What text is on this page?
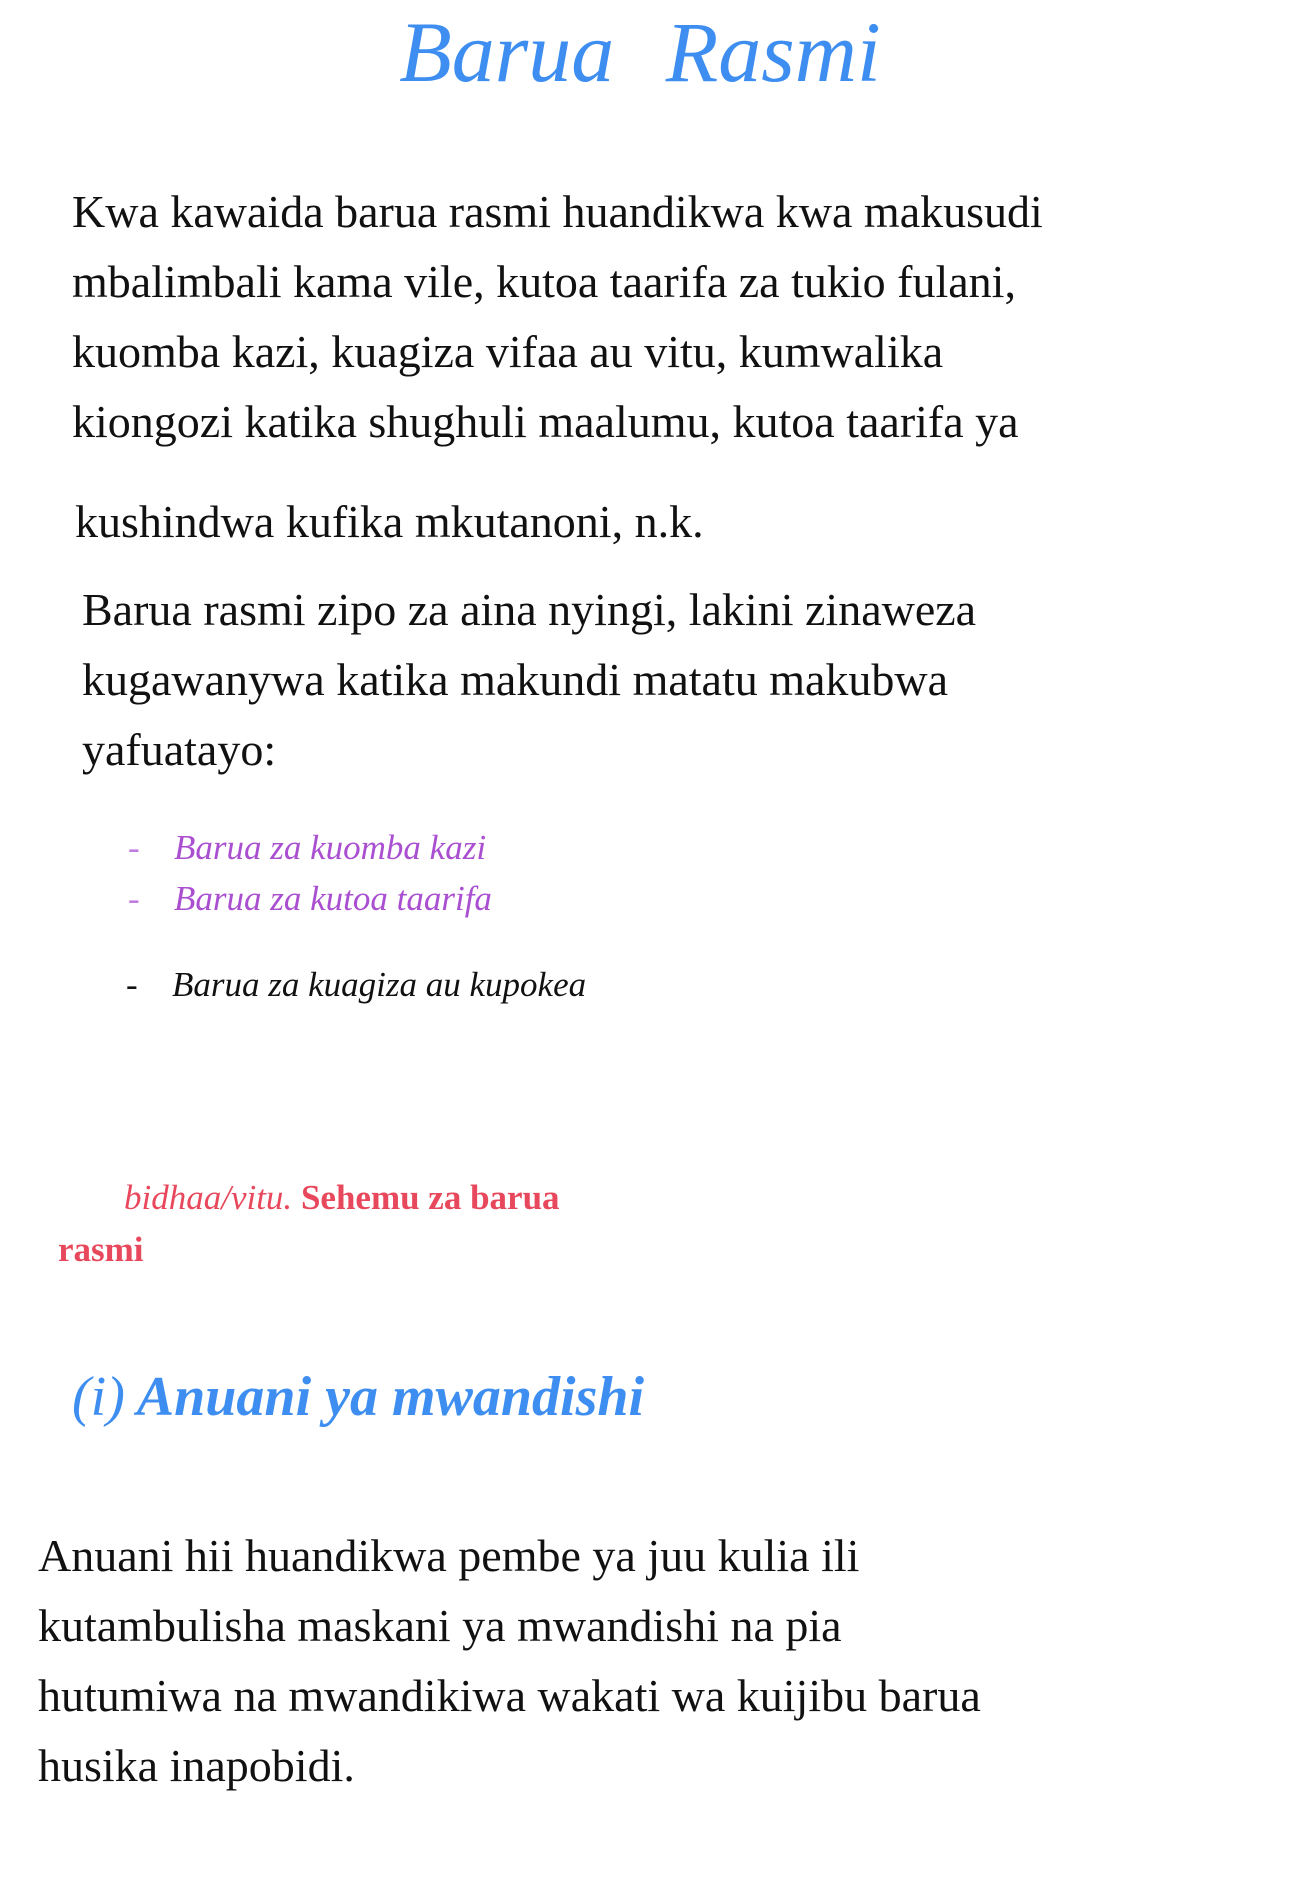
Barua Rasmi
Kwa kawaida barua rasmi huandikwa kwa makusudi
mbalimbali kama vile, kutoa taarifa za tukio fulani,
kuomba kazi, kuagiza vifaa au vitu, kumwalika
kiongozi katika shughuli maalumu, kutoa taarifa ya
kushindwa kufika mkutanoni, n.k.
Barua rasmi zipo za aina nyingi, lakini zinaweza
kugawanywa katika makundi matatu makubwa
yafuatayo:
- Barua za kuomba kazi
- Barua za kutoa taarifa
- Barua za kuagiza au kupokea
bidhaa/vitu. Sehemu za barua
rasmi
(i) Anuani ya mwandishi
Anuani hii huandikwa pembe ya juu kulia ili
kutambulisha maskani ya mwandishi na pia
hutumiwa na mwandikiwa wakati wa kuijibu barua
husika inapobidi.
